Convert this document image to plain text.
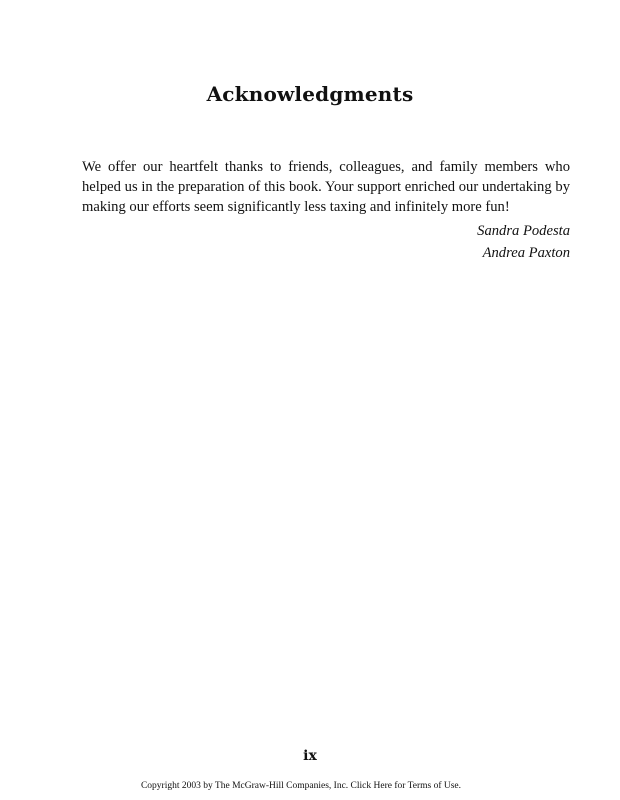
Acknowledgments

We offer our heartfelt thanks to friends, colleagues, and family members who helped us in the preparation of this book. Your support enriched our undertaking by making our efforts seem significantly less taxing and infinitely more fun!

Sandra Podesta
Andrea Paxton
ix
Copyright 2003 by The McGraw-Hill Companies, Inc. Click Here for Terms of Use.
